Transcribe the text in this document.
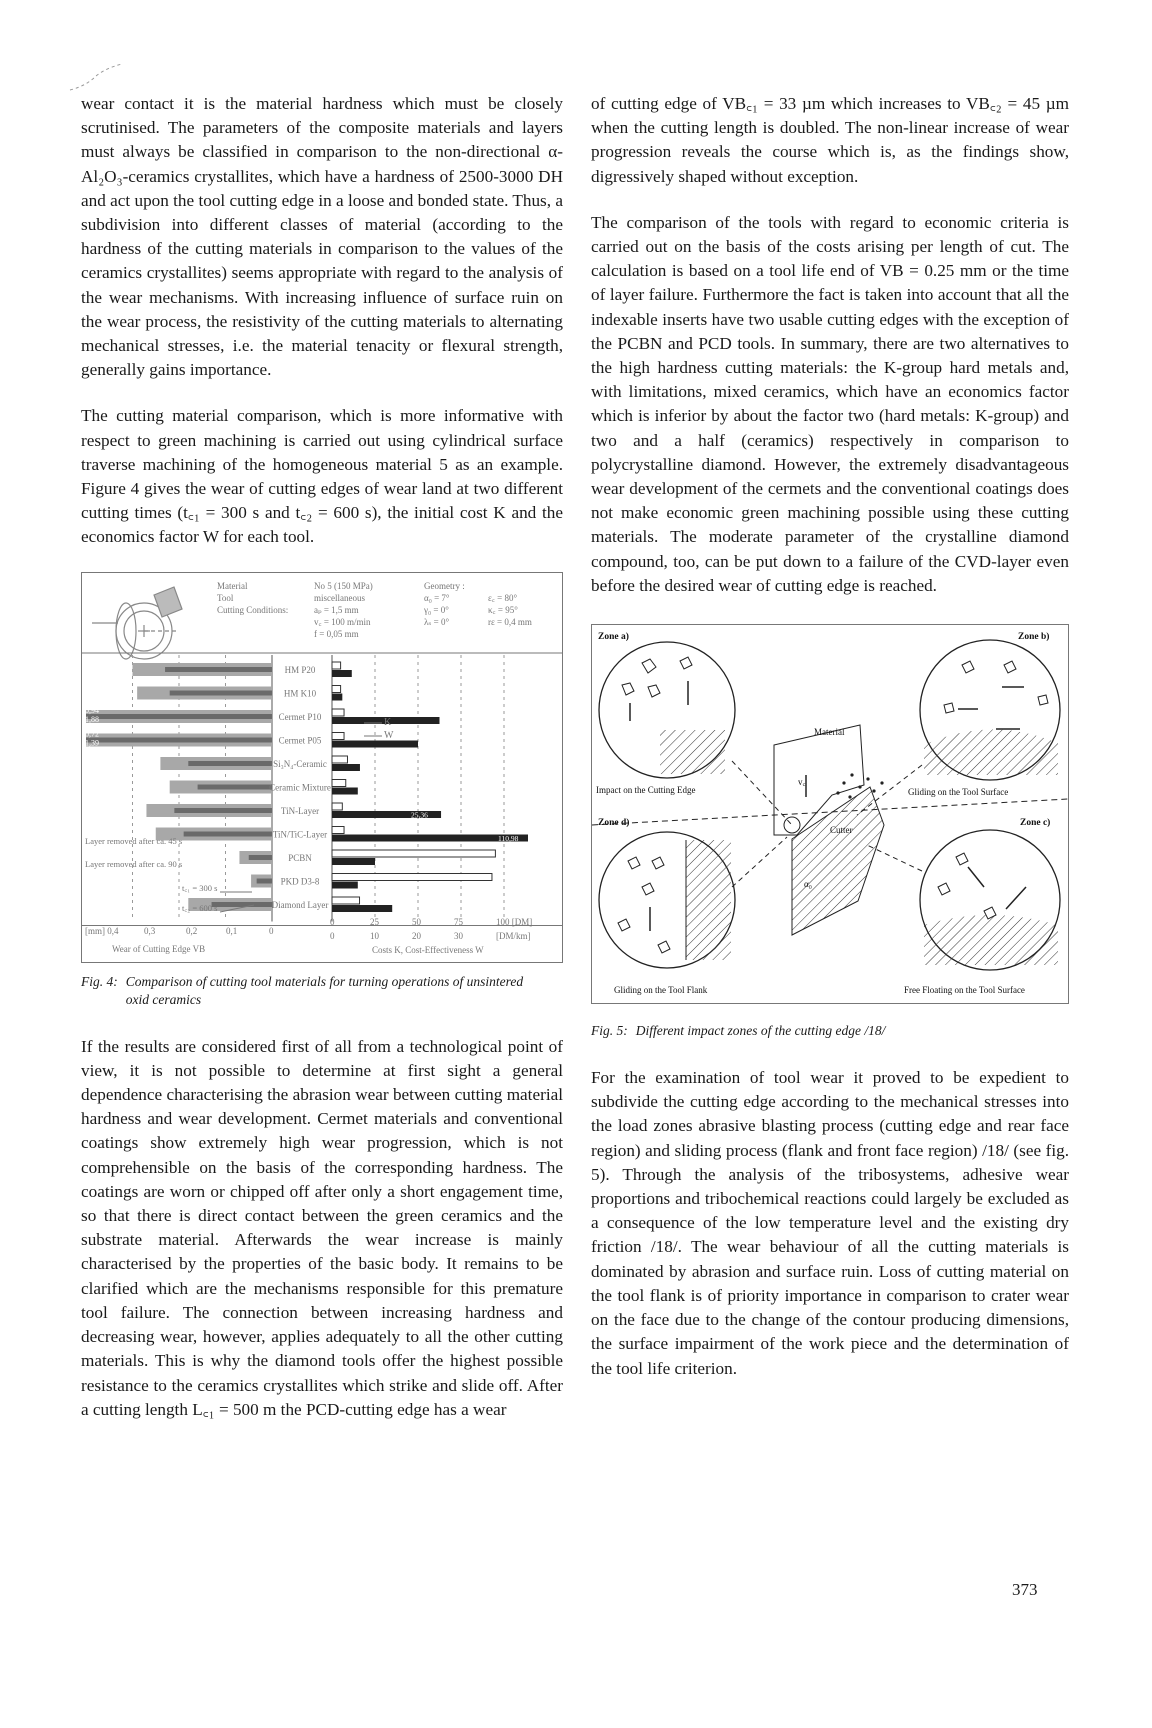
wear contact it is the material hardness which must be closely scrutinised. The parameters of the composite materials and layers must always be classified in comparison to the non-directional α-Al₂O₃-ceramics crystallites, which have a hardness of 2500-3000 DH and act upon the tool cutting edge in a loose and bonded state. Thus, a subdivision into different classes of material (according to the hardness of the cutting materials in comparison to the values of the ceramics crystallites) seems appropriate with regard to the analysis of the wear mechanisms. With increasing influence of surface ruin on the wear process, the resistivity of the cutting materials to alternating mechanical stresses, i.e. the material tenacity or flexural strength, generally gains importance.

The cutting material comparison, which is more informative with respect to green machining is carried out using cylindrical surface traverse machining of the homogeneous material 5 as an example. Figure 4 gives the wear of cutting edges of wear land at two different cutting times (t꜀₁ = 300 s and t꜀₂ = 600 s), the initial cost K and the economics factor W for each tool.

Material
Tool
Cutting Conditions:
No 5 (150 MPa)
miscellaneous
aₚ = 1,5 mm
v꜀ = 100 m/min
f = 0,05 mm
Geometry :
α₀ = 7°
γ₀ = 0°
λₛ = 0°
ε꜀ = 80°
κ꜀ = 95°
rε = 0,4 mm
25,36
110,98
HM P20
HM K10
Cermet P10
Cermet P05
Si₃N₄-Ceramic
Ceramic Mixture
TiN-Layer
TiN/TiC-Layer
PCBN
PKD D3-8
Diamond Layer
Layer removed after ca. 45 s
Layer removed after ca. 90 s
t꜀₁ = 300 s
t꜀₂ = 600 s
K
W
0,94
1,88
0,72
1,39
0,56
[mm] 0,4	0,3	0,2	0,1	0
Wear of Cutting Edge VB
0	25	50	75	100 [DM]
0	10	20	30	[DM/km]
Costs K, Cost-Effectiveness W
Fig. 4: Comparison of cutting tool materials for turning operations of unsintered oxid ceramics

If the results are considered first of all from a technological point of view, it is not possible to determine at first sight a general dependence characterising the abrasion wear between cutting material hardness and wear development. Cermet materials and conventional coatings show extremely high wear progression, which is not comprehensible on the basis of the corresponding hardness. The coatings are worn or chipped off after only a short engagement time, so that there is direct contact between the green ceramics and the substrate material. Afterwards the wear increase is mainly characterised by the properties of the basic body. It remains to be clarified which are the mechanisms responsible for this premature tool failure. The connection between increasing hardness and decreasing wear, however, applies adequately to all the other cutting materials. This is why the diamond tools offer the highest possible resistance to the ceramics crystallites which strike and slide off. After a cutting length L꜀₁ = 500 m the PCD-cutting edge has a wear

of cutting edge of VB꜀₁ = 33 µm which increases to VB꜀₂ = 45 µm when the cutting length is doubled. The non-linear increase of wear progression reveals the course which is, as the findings show, digressively shaped without exception.

The comparison of the tools with regard to economic criteria is carried out on the basis of the costs arising per length of cut. The calculation is based on a tool life end of VB = 0.25 mm or the time of layer failure. Furthermore the fact is taken into account that all the indexable inserts have two usable cutting edges with the exception of the PCBN and PCD tools. In summary, there are two alternatives to the high hardness cutting materials: the K-group hard metals and, with limitations, mixed ceramics, which have an economics factor which is inferior by about the factor two (hard metals: K-group) and two and a half (ceramics) respectively in comparison to polycrystalline diamond. However, the extremely disadvantageous wear development of the cermets and the conventional coatings does not make economic green machining possible using these cutting materials. The moderate parameter of the crystalline diamond compound, too, can be put down to a failure of the CVD-layer even before the desired wear of cutting edge is reached.

Zone a)	Zone b)
Zone d)	Zone c)
Material
Cutter
Impact on the Cutting Edge	Gliding on the Tool Surface
Gliding on the Tool Flank	Free Floating on the Tool Surface
v꜀
α₀
Fig. 5: Different impact zones of the cutting edge /18/

For the examination of tool wear it proved to be expedient to subdivide the cutting edge according to the mechanical stresses into the load zones abrasive blasting process (cutting edge and rear face region) and sliding process (flank and front face region) /18/ (see fig. 5). Through the analysis of the tribosystems, adhesive wear proportions and tribochemical reactions could largely be excluded as a consequence of the low temperature level and the existing dry friction /18/. The wear behaviour of all the cutting materials is dominated by abrasion and surface ruin. Loss of cutting material on the tool flank is of priority importance in comparison to crater wear on the face due to the change of the contour producing dimensions, the surface impairment of the work piece and the determination of the tool life criterion.

373
